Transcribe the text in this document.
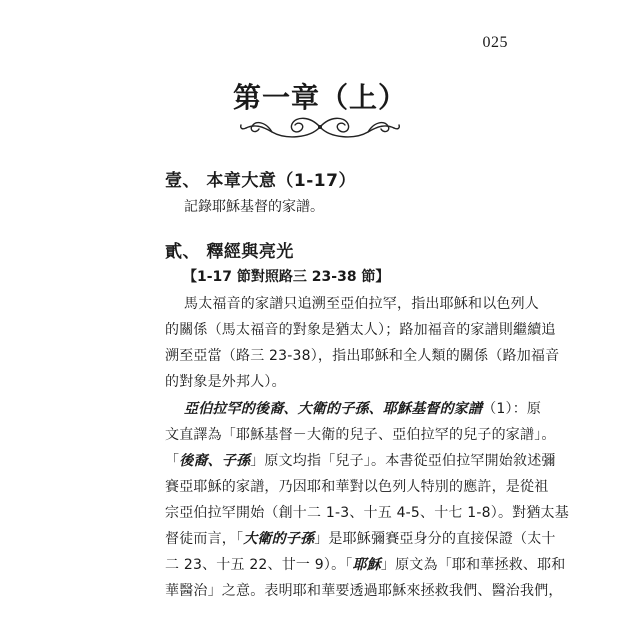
025
第一章（上）
壹、 本章大意（1-17）
記錄耶穌基督的家譜。
貳、 釋經與亮光
【1-17 節對照路三 23-38 節】
馬太福音的家譜只追溯至亞伯拉罕，指出耶穌和以色列人
的關係（馬太福音的對象是猶太人）；路加福音的家譜則繼續追
溯至亞當（路三 23-38），指出耶穌和全人類的關係（路加福音
的對象是外邦人）。
亞伯拉罕的後裔、大衛的子孫、耶穌基督的家譜（1）：原
文直譯為「耶穌基督－大衛的兒子、亞伯拉罕的兒子的家譜」。
「後裔、子孫」原文均指「兒子」。本書從亞伯拉罕開始敘述彌
賽亞耶穌的家譜，乃因耶和華對以色列人特別的應許，是從祖
宗亞伯拉罕開始（創十二 1-3、十五 4-5、十七 1-8）。對猶太基
督徒而言，「大衛的子孫」是耶穌彌賽亞身分的直接保證（太十
二 23、十五 22、廿一 9）。「耶穌」原文為「耶和華拯救、耶和
華醫治」之意。表明耶和華要透過耶穌來拯救我們、醫治我們，
